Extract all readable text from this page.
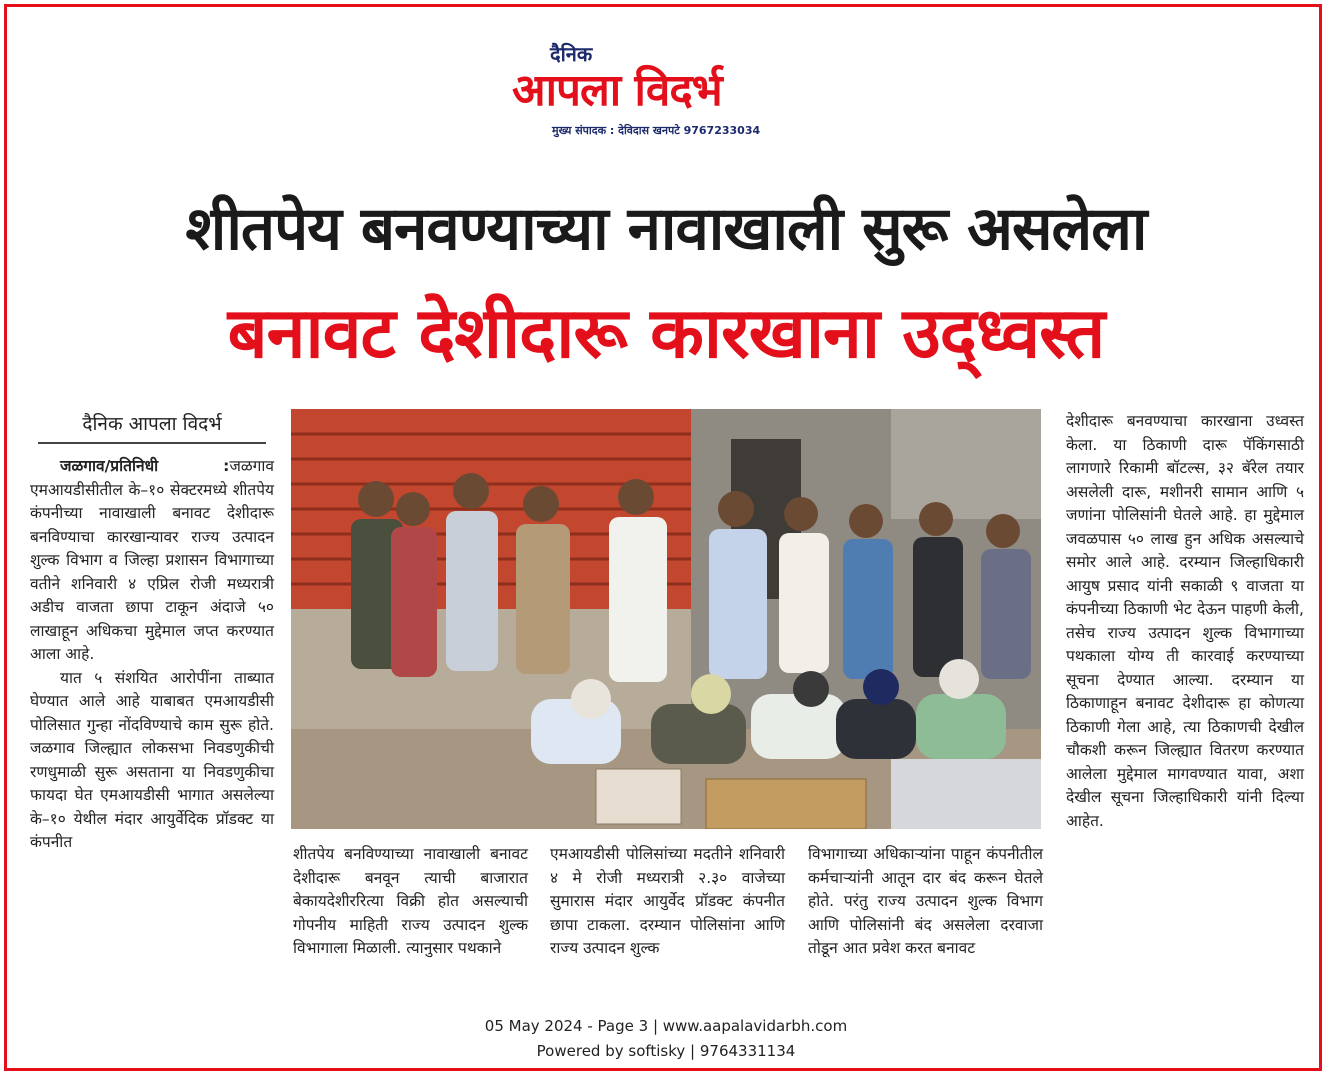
दैनिक
आपला विदर्भ
मुख्य संपादक : देविदास खनपटे 9767233034
शीतपेय बनवण्याच्या नावाखाली सुरू असलेला
बनावट देशीदारू कारखाना उद्ध्वस्त
दैनिक आपला विदर्भ

जळगाव/प्रतिनिधी :जळगाव एमआयडीसीतील के–१० सेक्टरमध्ये शीतपेय कंपनीच्या नावाखाली बनावट देशीदारू बनविण्याचा कारखान्यावर राज्य उत्पादन शुल्क विभाग व जिल्हा प्रशासन विभागाच्या वतीने शनिवारी ४ एप्रिल रोजी मध्यरात्री अडीच वाजता छापा टाकून अंदाजे ५० लाखाहून अधिकचा मुद्देमाल जप्त करण्यात आला आहे.

यात ५ संशयित आरोपींना ताब्यात घेण्यात आले आहे याबाबत एमआयडीसी पोलिसात गुन्हा नोंदविण्याचे काम सुरू होते. जळगाव जिल्ह्यात लोकसभा निवडणुकीची रणधुमाळी सुरू असताना या निवडणुकीचा फायदा घेत एमआयडीसी भागात असलेल्या के–१० येथील मंदार आयुर्वेदिक प्रॉडक्ट या कंपनीत

शीतपेय बनविण्याच्या नावाखाली बनावट देशीदारू बनवून त्याची बाजारात बेकायदेशीररित्या विक्री होत असल्याची गोपनीय माहिती राज्य उत्पादन शुल्क विभागाला मिळाली. त्यानुसार पथकाने

एमआयडीसी पोलिसांच्या मदतीने शनिवारी ४ मे रोजी मध्यरात्री २.३० वाजेच्या सुमारास मंदार आयुर्वेद प्रॉडक्ट कंपनीत छापा टाकला. दरम्यान पोलिसांना आणि राज्य उत्पादन शुल्क

विभागाच्या अधिकाऱ्यांना पाहून कंपनीतील कर्मचाऱ्यांनी आतून दार बंद करून घेतले होते. परंतु राज्य उत्पादन शुल्क विभाग आणि पोलिसांनी बंद असलेला दरवाजा तोडून आत प्रवेश करत बनावट

देशीदारू बनवण्याचा कारखाना उध्वस्त केला. या ठिकाणी दारू पॅकिंगसाठी लागणारे रिकामी बॉटल्स, ३२ बॅरेल तयार असलेली दारू, मशीनरी सामान आणि ५ जणांना पोलिसांनी घेतले आहे. हा मुद्देमाल जवळपास ५० लाख हुन अधिक असल्याचे समोर आले आहे. दरम्यान जिल्हाधिकारी आयुष प्रसाद यांनी सकाळी ९ वाजता या कंपनीच्या ठिकाणी भेट देऊन पाहणी केली, तसेच राज्य उत्पादन शुल्क विभागाच्या पथकाला योग्य ती कारवाई करण्याच्या सूचना देण्यात आल्या. दरम्यान या ठिकाणाहून बनावट देशीदारू हा कोणत्या ठिकाणी गेला आहे, त्या ठिकाणची देखील चौकशी करून जिल्ह्यात वितरण करण्यात आलेला मुद्देमाल मागवण्यात यावा, अशा देखील सूचना जिल्हाधिकारी यांनी दिल्या आहेत.

05 May 2024 - Page 3 | www.aapalavidarbh.com
Powered by softisky | 9764331134
